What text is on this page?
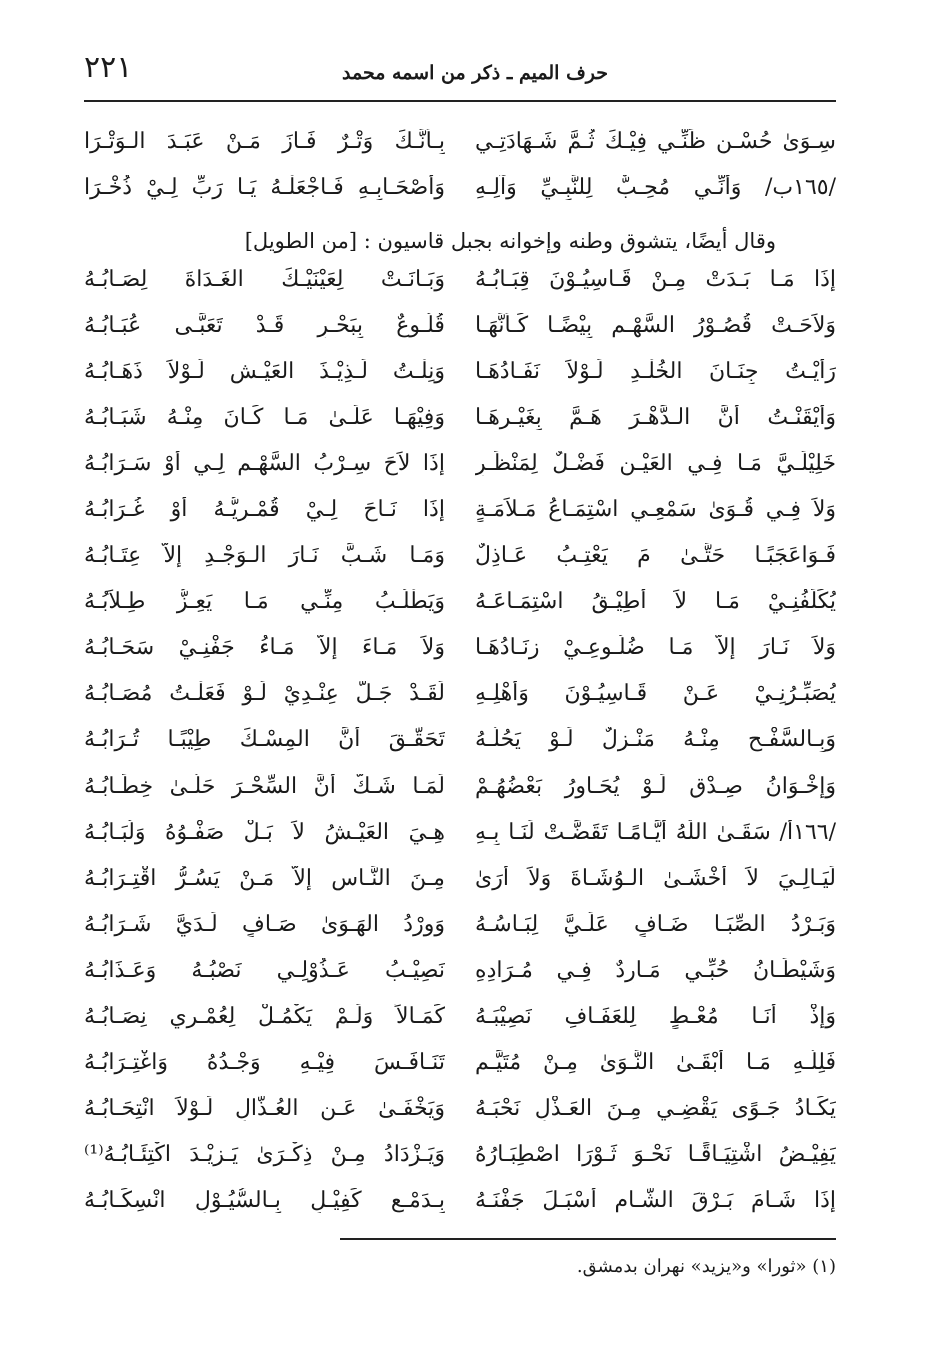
٢٢١	حرف الميم ـ ذكر من اسمه محمد
سِـوَىٰ حُسْـنِ ظَنِّـي فِيْـكَ ثُـمَّ شَـهَادَتِـي
بِـأَنَّـكَ وَتْـرٌ فَـازَ مَـنْ عَبَـدَ الـوَتْـرَا
/١٦٥ب/ وَأَنِّـي مُحِـبٌّ لِلنَّبِـيِّ وَآلِـهِ
وَأَصْحَـابِـهِ فَـاجْعَلْـهُ يَـا رَبِّ لِـيْ ذُخْـرَا
وقال أيضًا، يتشوق وطنه وإخوانه بجبل قاسيون : [من الطويل]
إِذَا مَـا بَـدَتْ مِـنْ قَـاسِيُـوْنَ قِبَـابُـهُ
وَبَـانَـتْ لِعَيْنَيْـكَ الغَـدَاةَ لِصَـابُـهُ
وَلاَحَـتْ قُصُـوْرُ السَّهْـمِ بِيْضًـا كَـأَنَّهَـا
قُلُـوعٌ بِبَحْـرٍ قَـدْ تَعَبَّـى عُبَـابُـهُ
رَأَيْـتُ جِنَـانَ الخُلْـدِ لَـوْلاَ نَفَـادُهَـا
وَنِلْـتُ لَـذِيْـذَ العَيْـشِ لَـوْلاَ ذَهَـابُـهُ
وَأَيْقَنْـتُ أَنَّ الـدَّهْـرَ هَـمَّ بِغَيْـرِهَـا
وَفِيْهَـا عَلَـىٰ مَـا كَـانَ مِنْـهُ شَبَـابُـهُ
خَلِيْلَـيَّ مَـا فِـي العَيْـنِ فَضْـلٌ لِمَنْظَـرٍ
إِذَا لاَحَ سِـرْبُ السَّهْـمِ لِـي أَوْ سَـرَابُـهُ
وَلاَ فِـي قُـوَىٰ سَمْعِـي اسْتِمَـاعُ مَـلاَمَـةٍ
إِذَا نَـاحَ لِـيْ قُمْـرِيُّـهُ أَوْ غُـرَابُـهُ
فَـوَاعَجَبًـا حَتَّـىٰ مَ يَعْتِـبُ عَـاذِلٌ
وَمَـا شَـبَّ نَـارَ الـوَجْـدِ إِلاَّ عِتَـابُـهُ
يُكَلِّفُنِـيْ مَـا لاَ أُطِيْـقُ اسْتِمَـاعَـهُ
وَيَطْلُـبُ مِنِّـي مَـا يَعِـزُّ طِـلاَبُـهُ
وَلاَ نَـارَ إِلاَّ مَـا ضُلُـوعِـيْ زِنَـادُهَـا
وَلاَ مَـاءَ إِلاَّ مَـاءُ جَفْنِـيْ سَحَـابُـهُ
يُصَبِّـرُنِـيْ عَـنْ قَـاسِيُـوْنَ وَأَهْلِـهِ
لَقَـدْ جَـلَّ عِنْـدِيْ لَـوْ فَعَلْـتُ مُصَـابُـهُ
وَبِـالسَّفْـحِ مِنْـهُ مَنْـزِلٌ لَـوْ يَحُلُّـهُ
تَحَقَّـقَ أَنَّ المِسْـكَ طِيْبًـا تُـرَابُـهُ
وَإِخْـوَانُ صِـدْقٍ لَـوْ يُحَـاوِرُ بَعْضُهُـمْ
لَمَـا شَـكَّ أَنَّ السِّحْـرَ حَلَّـىٰ خِطَـابُـهُ
/١٦٦أ/ سَقَـىٰ اللّٰهُ أَيَّـامًـا تَقَضَّـتْ لَنَـا بِـهِ
هِـيَ العَيْـشُ لاَ بَـلْ صَفْـوُهُ وَلُبَـابُـهُ
لَيَـالِـيَ لاَ أَخْشَـىٰ الـوُشَـاةَ وَلاَ أَرَىٰ
مِـنَ النَّـاسِ إِلاَّ مَـنْ يَسُـرُّ اقْتِـرَابُـهُ
وَبَـرْدُ الصِّبَـا ضَـافٍ عَلَـيَّ لِبَـاسُـهُ
وَوِرْدُ الهَـوَىٰ صَـافٍ لَـدَيَّ شَـرَابُـهُ
وَشَيْطَـانُ حُبِّـي مَـارِدٌ فِـي مُـرَادِهِ
نَصِيْـبُ عَـذُوْلِـي نَصْبُـهُ وَعَـذَابُـهُ
وَإِذْ أَنَـا مُعْـطٍ لِلعَفَـافِ نَصِيْبَـهُ
كَمَـالاً وَلَـمْ يَكْمُـلْ لِعُمْـرِي نِصَـابُـهُ
فَلِلَّـهِ مَـا أَبْقَـىٰ النَّـوَىٰ مِـنْ مُتَيَّـمٍ
تَنَـافَـسَ فِيْـهِ وَجْـدُهُ وَاغْتِـرَابُـهُ
يَكَـادُ جَـوًى يَقْضِـي مِـنَ العَـذْلِ نَحْبَـهُ
وَيَخْفَـىٰ عَـنِ العُـذَّالِ لَـوْلاَ انْتِحَـابُـهُ
يَفِيْـضُ اشْتِيَـاقًـا نَحْـوَ ثَـوْرَا اصْطِبَـارُهُ
وَيَـزْدَادُ مِـنْ ذِكْـرَىٰ يَـزِيْـدَ اكْتِئَـابُـهُ⁽¹⁾
إِذَا شَـامَ بَـرْقَ الشَّـامِ أَسْبَـلَ جَفْنَـهُ
بِـدَمْـعٍ كَفِيْـلٍ بِـالسُّيُـوْلِ انْسِكَـابُـهُ
(١) «ثورا» و«يزيد» نهران بدمشق.
